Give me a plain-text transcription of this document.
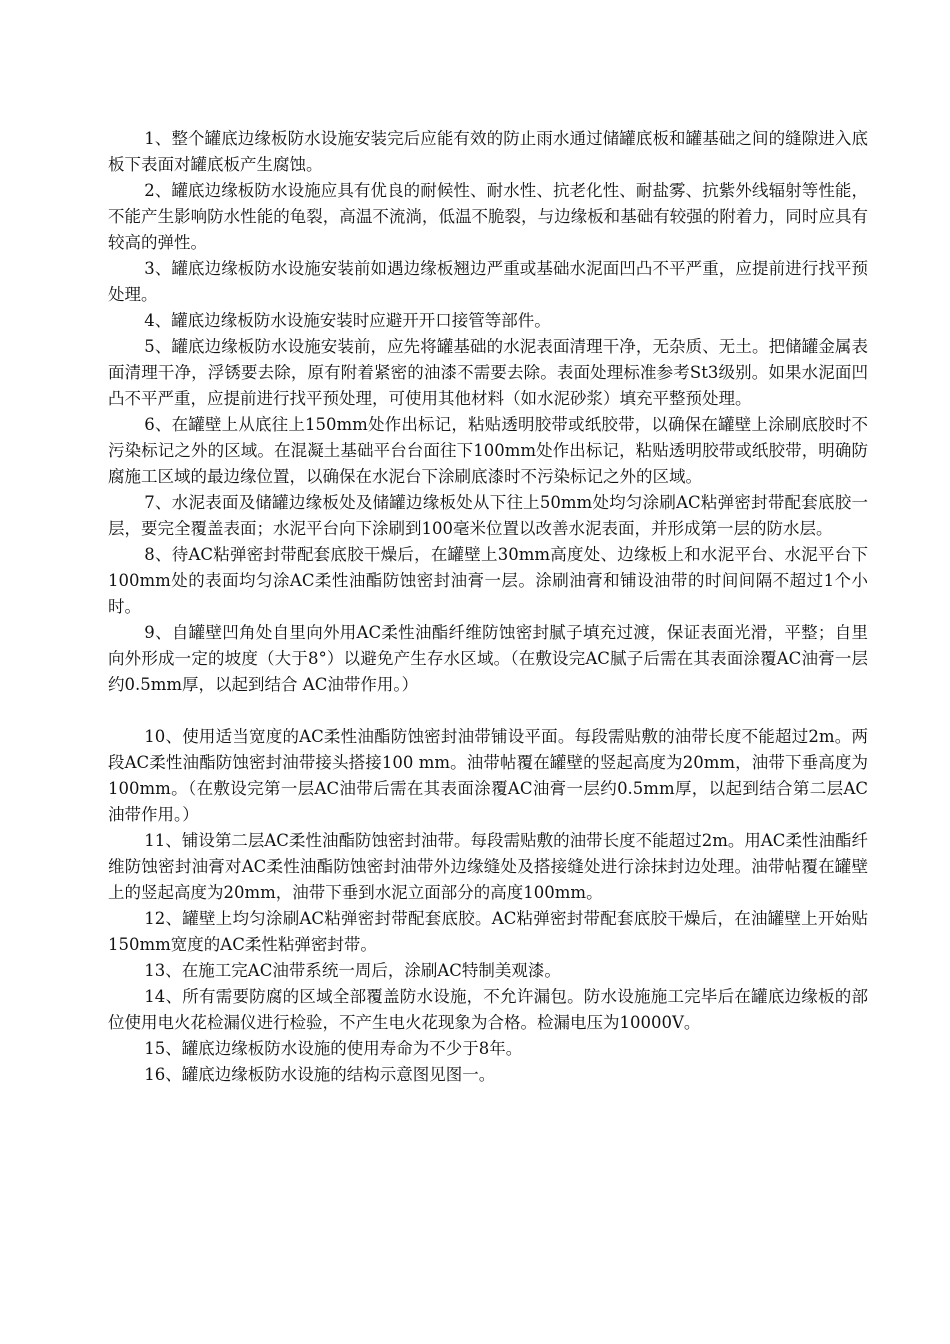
1、整个罐底边缘板防水设施安装完后应能有效的防止雨水通过储罐底板和罐基础之间的缝隙进入底板下表面对罐底板产生腐蚀。

2、罐底边缘板防水设施应具有优良的耐候性、耐水性、抗老化性、耐盐雾、抗紫外线辐射等性能，不能产生影响防水性能的龟裂，高温不流淌，低温不脆裂，与边缘板和基础有较强的附着力，同时应具有较高的弹性。

3、罐底边缘板防水设施安装前如遇边缘板翘边严重或基础水泥面凹凸不平严重，应提前进行找平预处理。

4、罐底边缘板防水设施安装时应避开开口接管等部件。

5、罐底边缘板防水设施安装前，应先将罐基础的水泥表面清理干净，无杂质、无土。把储罐金属表面清理干净，浮锈要去除，原有附着紧密的油漆不需要去除。表面处理标准参考St3级别。如果水泥面凹凸不平严重，应提前进行找平预处理，可使用其他材料（如水泥砂浆）填充平整预处理。

6、在罐壁上从底往上150mm处作出标记，粘贴透明胶带或纸胶带，以确保在罐壁上涂刷底胶时不污染标记之外的区域。在混凝土基础平台台面往下100mm处作出标记，粘贴透明胶带或纸胶带，明确防腐施工区域的最边缘位置，以确保在水泥台下涂刷底漆时不污染标记之外的区域。

7、水泥表面及储罐边缘板处及储罐边缘板处从下往上50mm处均匀涂刷AC粘弹密封带配套底胶一层，要完全覆盖表面；水泥平台向下涂刷到100毫米位置以改善水泥表面，并形成第一层的防水层。

8、待AC粘弹密封带配套底胶干燥后，在罐壁上30mm高度处、边缘板上和水泥平台、水泥平台下100mm处的表面均匀涂AC柔性油酯防蚀密封油膏一层。涂刷油膏和铺设油带的时间间隔不超过1个小时。

9、自罐壁凹角处自里向外用AC柔性油酯纤维防蚀密封腻子填充过渡，保证表面光滑，平整；自里向外形成一定的坡度（大于8°）以避免产生存水区域。（在敷设完AC腻子后需在其表面涂覆AC油膏一层约0.5mm厚，以起到结合 AC油带作用。）

10、使用适当宽度的AC柔性油酯防蚀密封油带铺设平面。每段需贴敷的油带长度不能超过2m。两段AC柔性油酯防蚀密封油带接头搭接100 mm。油带帖覆在罐壁的竖起高度为20mm，油带下垂高度为100mm。（在敷设完第一层AC油带后需在其表面涂覆AC油膏一层约0.5mm厚，以起到结合第二层AC油带作用。）

11、铺设第二层AC柔性油酯防蚀密封油带。每段需贴敷的油带长度不能超过2m。用AC柔性油酯纤维防蚀密封油膏对AC柔性油酯防蚀密封油带外边缘缝处及搭接缝处进行涂抹封边处理。油带帖覆在罐壁上的竖起高度为20mm，油带下垂到水泥立面部分的高度100mm。

12、罐壁上均匀涂刷AC粘弹密封带配套底胶。AC粘弹密封带配套底胶干燥后，在油罐壁上开始贴150mm宽度的AC柔性粘弹密封带。

13、在施工完AC油带系统一周后，涂刷AC特制美观漆。

14、所有需要防腐的区域全部覆盖防水设施，不允许漏包。防水设施施工完毕后在罐底边缘板的部位使用电火花检漏仪进行检验，不产生电火花现象为合格。检漏电压为10000V。

15、罐底边缘板防水设施的使用寿命为不少于8年。

16、罐底边缘板防水设施的结构示意图见图一。
